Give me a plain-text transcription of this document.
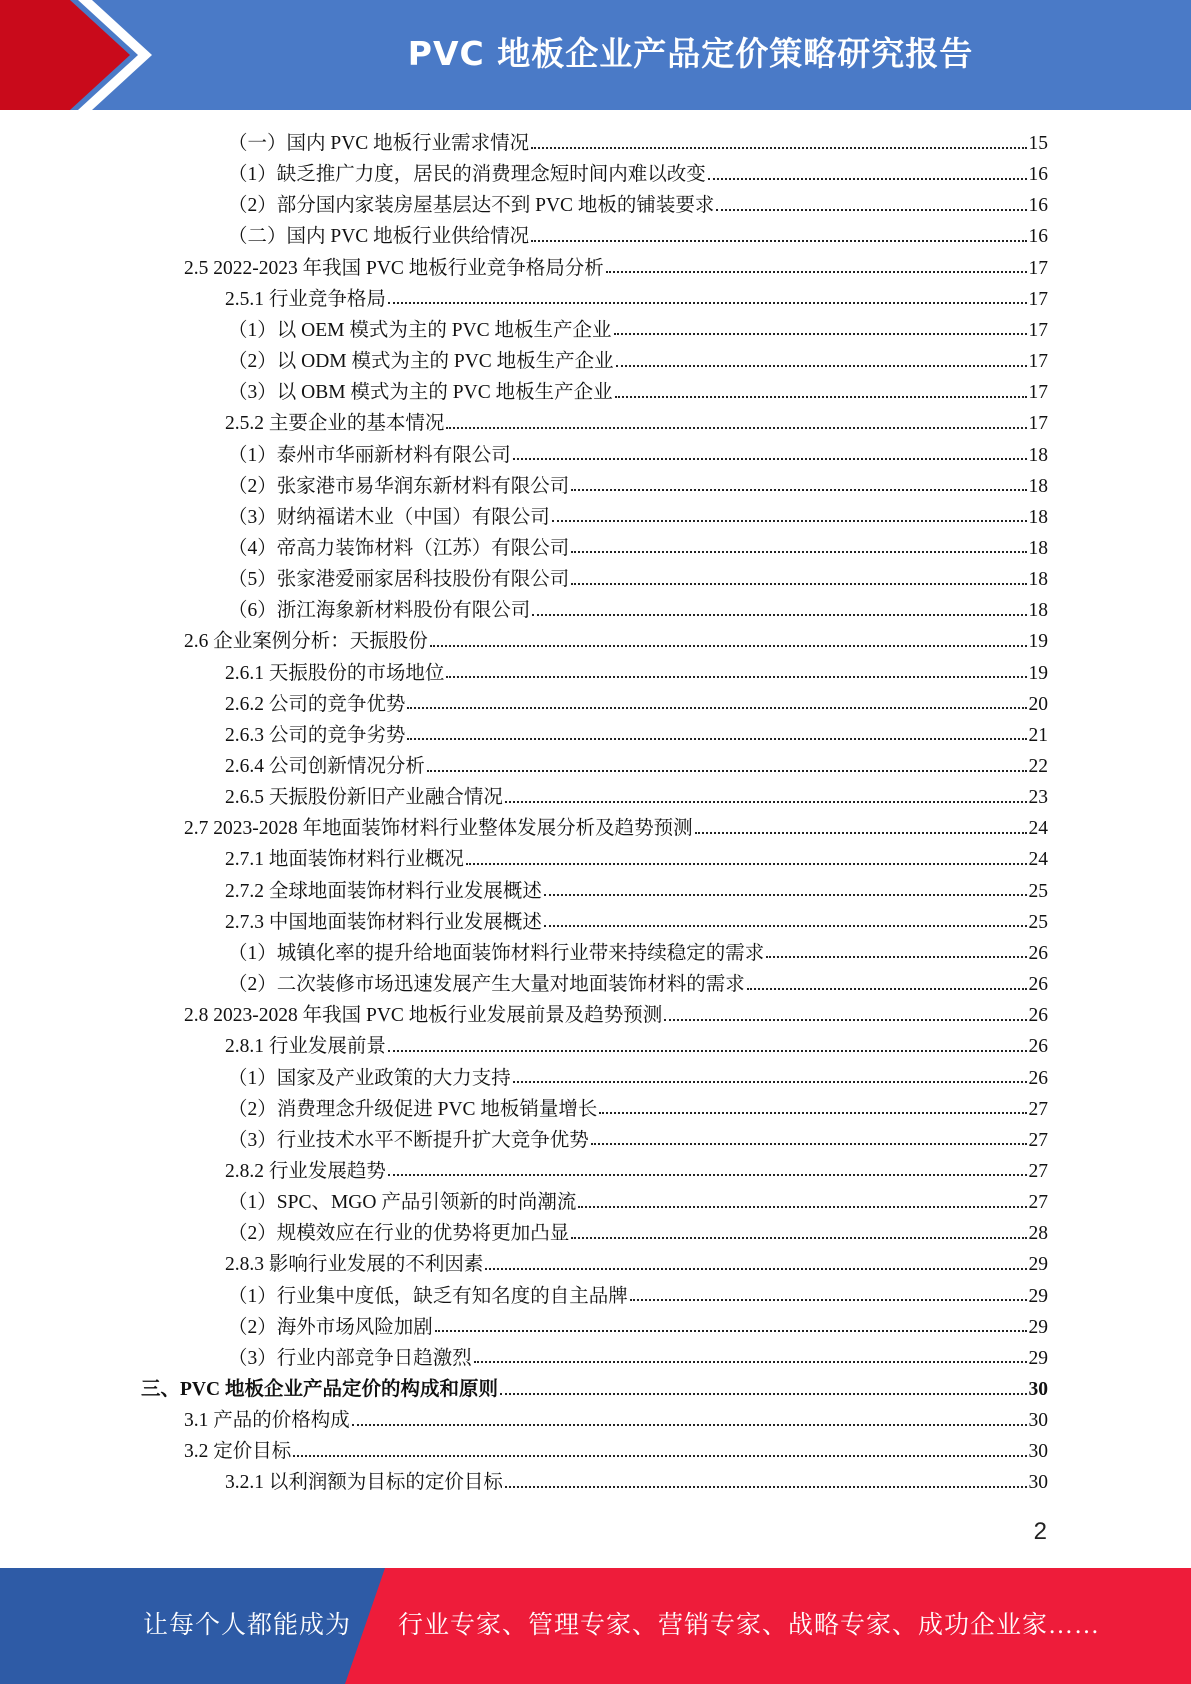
PVC 地板企业产品定价策略研究报告
（一）国内 PVC 地板行业需求情况	15
（1）缺乏推广力度，居民的消费理念短时间内难以改变	16
（2）部分国内家装房屋基层达不到 PVC 地板的铺装要求	16
（二）国内 PVC 地板行业供给情况	16
2.5 2022-2023 年我国 PVC 地板行业竞争格局分析	17
2.5.1 行业竞争格局	17
（1）以 OEM 模式为主的 PVC 地板生产企业	17
（2）以 ODM 模式为主的 PVC 地板生产企业	17
（3）以 OBM 模式为主的 PVC 地板生产企业	17
2.5.2 主要企业的基本情况	17
（1）泰州市华丽新材料有限公司	18
（2）张家港市易华润东新材料有限公司	18
（3）财纳福诺木业（中国）有限公司	18
（4）帝高力装饰材料（江苏）有限公司	18
（5）张家港爱丽家居科技股份有限公司	18
（6）浙江海象新材料股份有限公司	18
2.6 企业案例分析：天振股份	19
2.6.1 天振股份的市场地位	19
2.6.2 公司的竞争优势	20
2.6.3 公司的竞争劣势	21
2.6.4 公司创新情况分析	22
2.6.5 天振股份新旧产业融合情况	23
2.7 2023-2028 年地面装饰材料行业整体发展分析及趋势预测	24
2.7.1 地面装饰材料行业概况	24
2.7.2 全球地面装饰材料行业发展概述	25
2.7.3 中国地面装饰材料行业发展概述	25
（1）城镇化率的提升给地面装饰材料行业带来持续稳定的需求	26
（2）二次装修市场迅速发展产生大量对地面装饰材料的需求	26
2.8 2023-2028 年我国 PVC 地板行业发展前景及趋势预测	26
2.8.1 行业发展前景	26
（1）国家及产业政策的大力支持	26
（2）消费理念升级促进 PVC 地板销量增长	27
（3）行业技术水平不断提升扩大竞争优势	27
2.8.2 行业发展趋势	27
（1）SPC、MGO 产品引领新的时尚潮流	27
（2）规模效应在行业的优势将更加凸显	28
2.8.3 影响行业发展的不利因素	29
（1）行业集中度低，缺乏有知名度的自主品牌	29
（2）海外市场风险加剧	29
（3）行业内部竞争日趋激烈	29
三、PVC 地板企业产品定价的构成和原则	30
3.1 产品的价格构成	30
3.2 定价目标	30
3.2.1 以利润额为目标的定价目标	30
2
让每个人都能成为 行业专家、管理专家、营销专家、战略专家、成功企业家……
